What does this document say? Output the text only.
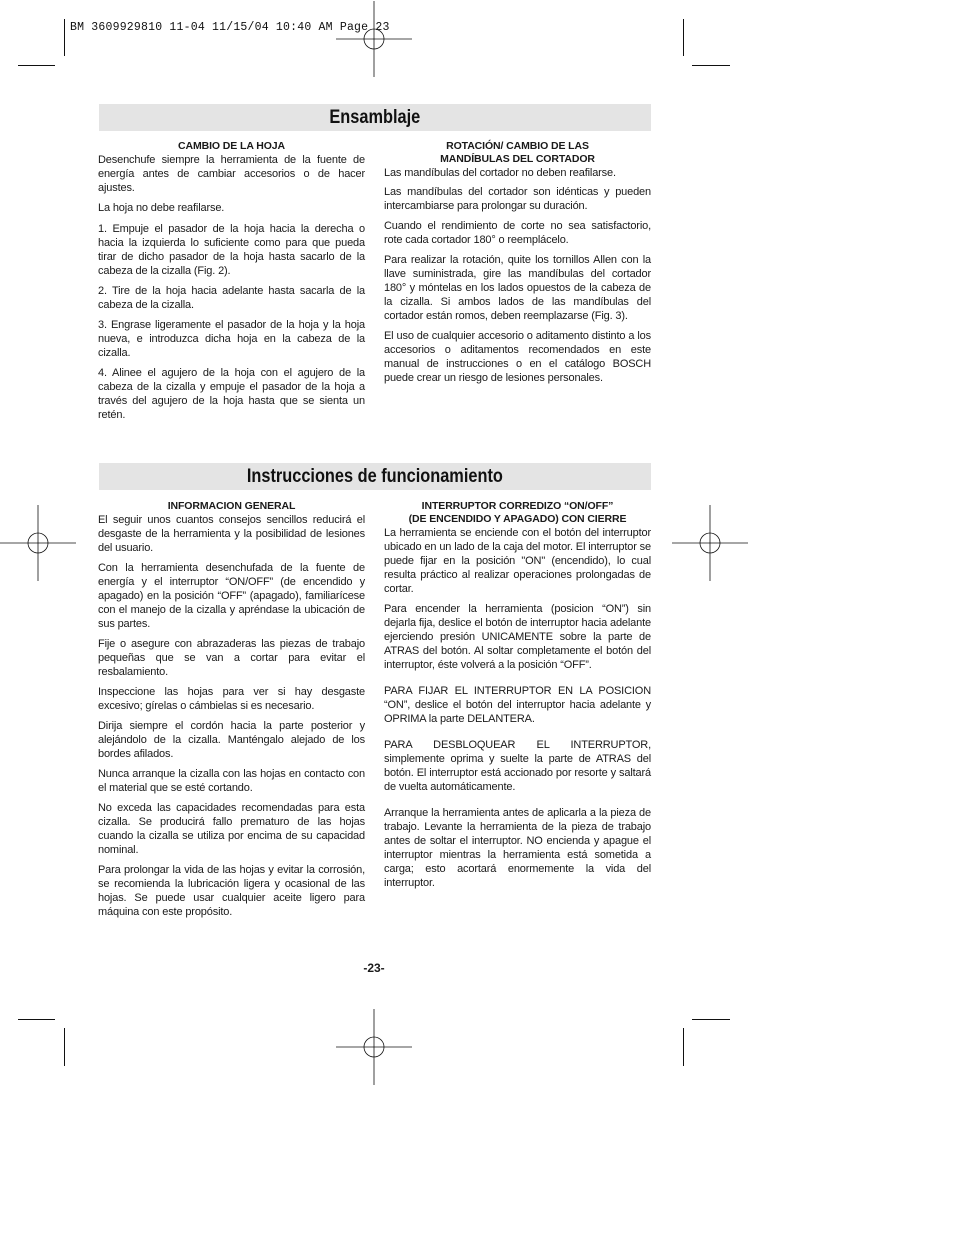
BM 3609929810 11-04 11/15/04 10:40 AM Page 23
Ensamblaje
CAMBIO DE LA HOJA

Desenchufe siempre la herramienta de la fuente de energía antes de cambiar accesorios o de hacer ajustes.

La hoja no debe reafilarse.

1. Empuje el pasador de la hoja hacia la derecha o hacia la izquierda lo suficiente como para que pueda tirar de dicho pasador de la hoja hasta sacarlo de la cabeza de la cizalla (Fig. 2).

2. Tire de la hoja hacia adelante hasta sacarla de la cabeza de la cizalla.

3. Engrase ligeramente el pasador de la hoja y la hoja nueva, e introduzca dicha hoja en la cabeza de la cizalla.

4. Alinee el agujero de la hoja con el agujero de la cabeza de la cizalla y empuje el pasador de la hoja a través del agujero de la hoja hasta que se sienta un retén.

ROTACIÓN/ CAMBIO DE LAS
MANDÍBULAS DEL CORTADOR

Las mandíbulas del cortador no deben reafilarse.

Las mandíbulas del cortador son idénticas y pueden intercambiarse para prolongar su duración.

Cuando el rendimiento de corte no sea satisfactorio, rote cada cortador 180° o reemplácelo.

Para realizar la rotación, quite los tornillos Allen con la llave suministrada, gire las mandíbulas del cortador 180° y móntelas en los lados opuestos de la cabeza de la cizalla. Si ambos lados de las mandíbulas del cortador están romos, deben reemplazarse (Fig. 3).

El uso de cualquier accesorio o aditamento distinto a los accesorios o aditamentos recomendados en este manual de instrucciones o en el catálogo BOSCH puede crear un riesgo de lesiones personales.

Instrucciones de funcionamiento
INFORMACION GENERAL

El seguir unos cuantos consejos sencillos reducirá el desgaste de la herramienta y la posibilidad de lesiones del usuario.

Con la herramienta desenchufada de la fuente de energía y el interruptor “ON/OFF” (de encendido y apagado) en la posición “OFF” (apagado), familiarícese con el manejo de la cizalla y apréndase la ubicación de sus partes.

Fije o asegure con abrazaderas las piezas de trabajo pequeñas que se van a cortar para evitar el resbalamiento.

Inspeccione las hojas para ver si hay desgaste excesivo; gírelas o cámbielas si es necesario.

Dirija siempre el cordón hacia la parte posterior y alejándolo de la cizalla. Manténgalo alejado de los bordes afilados.

Nunca arranque la cizalla con las hojas en contacto con el material que se esté cortando.

No exceda las capacidades recomendadas para esta cizalla. Se producirá fallo prematuro de las hojas cuando la cizalla se utiliza por encima de su capacidad nominal.

Para prolongar la vida de las hojas y evitar la corrosión, se recomienda la lubricación ligera y ocasional de las hojas. Se puede usar cualquier aceite ligero para máquina con este propósito.

INTERRUPTOR CORREDIZO “ON/OFF”
(DE ENCENDIDO Y APAGADO) CON CIERRE

La herramienta se enciende con el botón del interruptor ubicado en un lado de la caja del motor. El interruptor se puede fijar en la posición "ON" (encendido), lo cual resulta práctico al realizar operaciones prolongadas de cortar.

Para encender la herramienta (posicion “ON”) sin dejarla fija, deslice el botón de interruptor hacia adelante ejerciendo presión UNICAMENTE sobre la parte de ATRAS del botón. Al soltar completamente el botón del interruptor, éste volverá a la posición “OFF”.

PARA FIJAR EL INTERRUPTOR EN LA POSICION “ON”, deslice el botón del interruptor hacia adelante y OPRIMA la parte DELANTERA.

PARA DESBLOQUEAR EL INTERRUPTOR, simplemente oprima y suelte la parte de ATRAS del botón. El interruptor está accionado por resorte y saltará de vuelta automáticamente.

Arranque la herramienta antes de aplicarla a la pieza de trabajo. Levante la herramienta de la pieza de trabajo antes de soltar el interruptor. NO encienda y apague el interruptor mientras la herramienta está sometida a carga; esto acortará enormemente la vida del interruptor.

-23-
